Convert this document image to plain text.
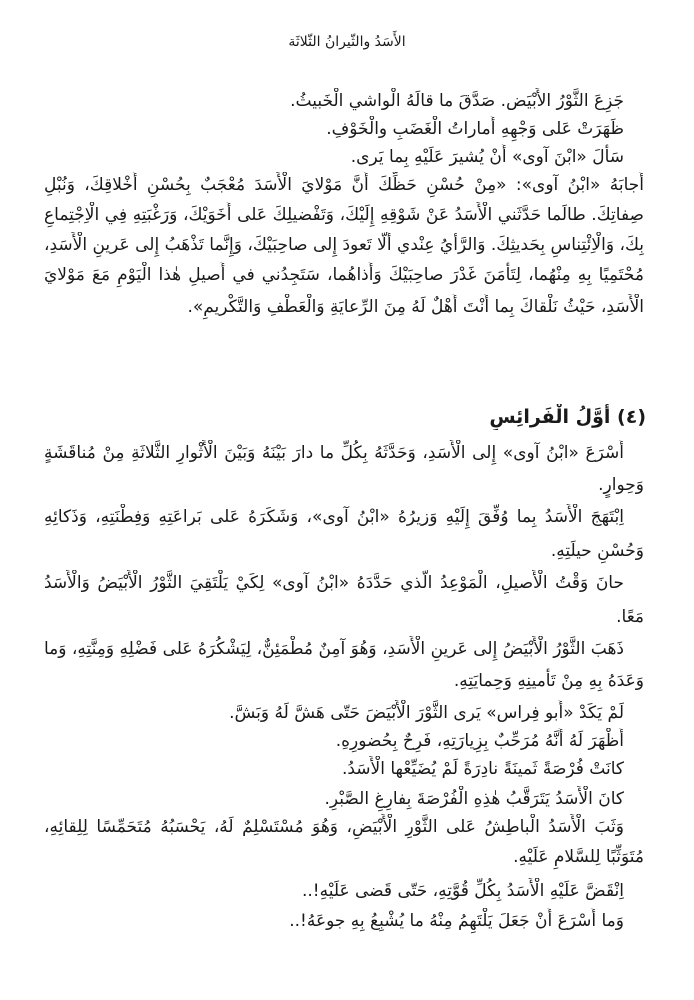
الأَسَدُ والثّيرانُ الثّلاثَة
جَزِعَ الثَّوْرُ الأَبْيَض. صَدَّقَ ما قالَهُ الْواشي الْخَبيثُ.
ظَهَرَتْ عَلى وَجْهِهِ أَماراتُ الْغَضَبِ والْخَوْفِ.
سَأَلَ «ابْنَ آوى» أَنْ يُشيرَ عَلَيْهِ بِما يَرى.
أَجابَهُ «ابْنُ آوى»: «مِنْ حُسْنِ حَظِّكَ أَنَّ مَوْلايَ الْأَسَدَ مُعْجَبٌ بِحُسْنِ أَخْلاقِكَ، وَنُبْلِ
صِفاتِكَ. طالَما حَدَّثَني الْأَسَدُ عَنْ شَوْقِهِ إِلَيْكَ، وَتَفْضيلِكَ عَلى أَخَوَيْكَ، وَرَغْبَتِهِ فِي الْاِجْتِماعِ
بِكَ، وَالْاِئْتِناسِ بِحَديثِكَ. وَالرَّأْيُ عِنْدي أَلّا تَعودَ إِلى صاحِبَيْكَ، وَإِنَّما تَذْهَبُ إِلى عَرينِ الْأَسَدِ،
مُحْتَمِيًا بِهِ مِنْهُما، لِتَأْمَنَ غَدْرَ صاحِبَيْكَ وَأَذاهُما، سَتَجِدُني في أَصيلِ هٰذا الْيَوْمِ مَعَ مَوْلايَ
الْأَسَدِ، حَيْثُ نَلْقاكَ بِما أَنْتَ أَهْلٌ لَهُ مِنَ الرِّعايَةِ وَالْعَطْفِ وَالتَّكْريمِ».
(٤) أَوَّلُ الْفَرائِسِ
أَسْرَعَ «ابْنُ آوى» إِلى الْأَسَدِ، وَحَدَّثَهُ بِكُلِّ ما دارَ بَيْنَهُ وَبَيْنَ الْأَثْوارِ الثَّلاثَةِ مِنْ مُناقَشَةٍ
وَحِوارٍ.
اِبْتَهَجَ الْأَسَدُ بِما وُفِّقَ إِلَيْهِ وَزيرُهُ «ابْنُ آوى»، وَشَكَرَهُ عَلى بَراعَتِهِ وَفِطْنَتِهِ، وَذَكائِهِ
وَحُسْنِ حيلَتِهِ.
حانَ وَقْتُ الْأَصيلِ، الْمَوْعِدُ الَّذي حَدَّدَهُ «ابْنُ آوى» لِكَيْ يَلْتَقِيَ الثَّوْرُ الْأَبْيَضُ وَالْأَسَدُ
مَعًا.
ذَهَبَ الثَّوْرُ الْأَبْيَضُ إِلى عَرينِ الْأَسَدِ، وَهُوَ آمِنٌ مُطْمَئِنٌّ، لِيَشْكُرَهُ عَلى فَضْلِهِ وَمِنَّتِهِ، وَما
وَعَدَهُ بِهِ مِنْ تَأْمينِهِ وَحِمايَتِهِ.
لَمْ يَكَدْ «أَبو فِراس» يَرى الثَّوْرَ الْأَبْيَضَ حَتّى هَشَّ لَهُ وَبَشَّ.
أَظْهَرَ لَهُ أَنَّهُ مُرَحِّبٌ بِزِيارَتِهِ، فَرِحٌ بِحُضورِهِ.
كانَتْ فُرْصَةً ثَمينَةً نادِرَةً لَمْ يُضَيِّعْها الْأَسَدُ.
كانَ الْأَسَدُ يَتَرَقَّبُ هٰذِهِ الْفُرْصَةَ بِفارِغِ الصَّبْرِ.
وَثَبَ الْأَسَدُ الْباطِشُ عَلى الثَّوْرِ الْأَبْيَضِ، وَهُوَ مُسْتَسْلِمٌ لَهُ، يَحْسَبُهُ مُتَحَمِّسًا لِلِقائِهِ،
مُتَوَثِّبًا لِلسَّلامِ عَلَيْهِ.
اِنْقَضَّ عَلَيْهِ الْأَسَدُ بِكُلِّ قُوَّتِهِ، حَتّى قَضى عَلَيْهِ!..
وَما أَسْرَعَ أَنْ جَعَلَ يَلْتَهِمُ مِنْهُ ما يُشْبِعُ بِهِ جوعَهُ!..
